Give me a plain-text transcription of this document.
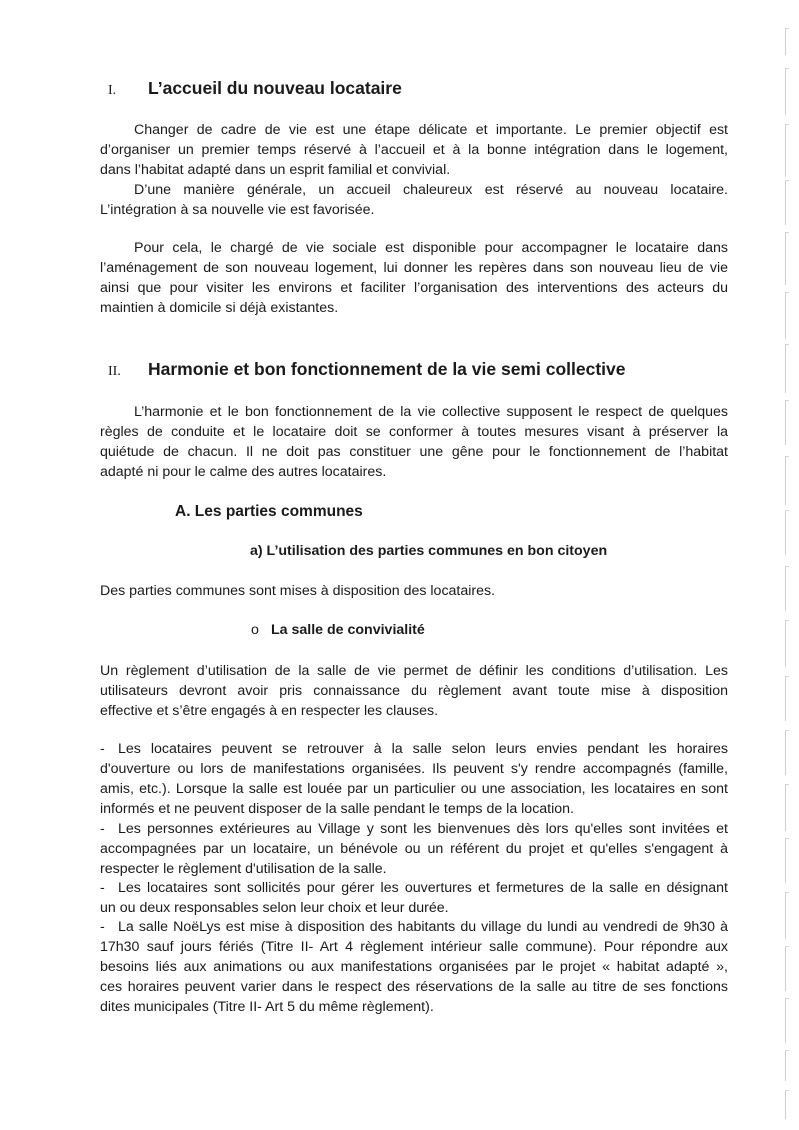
I. L’accueil du nouveau locataire
Changer de cadre de vie est une étape délicate et importante. Le premier objectif est
d’organiser un premier temps réservé à l’accueil et à la bonne intégration dans le logement,
dans l’habitat adapté dans un esprit familial et convivial.
D’une manière générale, un accueil chaleureux est réservé au nouveau locataire.
L’intégration à sa nouvelle vie est favorisée.
Pour cela, le chargé de vie sociale est disponible pour accompagner le locataire dans
l’aménagement de son nouveau logement, lui donner les repères dans son nouveau lieu de vie
ainsi que pour visiter les environs et faciliter l’organisation des interventions des acteurs du
maintien à domicile si déjà existantes.
II. Harmonie et bon fonctionnement de la vie semi collective
L’harmonie et le bon fonctionnement de la vie collective supposent le respect de quelques
règles de conduite et le locataire doit se conformer à toutes mesures visant à préserver la
quiétude de chacun. Il ne doit pas constituer une gêne pour le fonctionnement de l’habitat
adapté ni pour le calme des autres locataires.
A. Les parties communes
a) L’utilisation des parties communes en bon citoyen
Des parties communes sont mises à disposition des locataires.
o La salle de convivialité
Un règlement d’utilisation de la salle de vie permet de définir les conditions d’utilisation. Les
utilisateurs devront avoir pris connaissance du règlement avant toute mise à disposition
effective et s’être engagés à en respecter les clauses.
- Les locataires peuvent se retrouver à la salle selon leurs envies pendant les horaires
d'ouverture ou lors de manifestations organisées. Ils peuvent s'y rendre accompagnés (famille,
amis, etc.). Lorsque la salle est louée par un particulier ou une association, les locataires en sont
informés et ne peuvent disposer de la salle pendant le temps de la location.
- Les personnes extérieures au Village y sont les bienvenues dès lors qu'elles sont invitées et
accompagnées par un locataire, un bénévole ou un référent du projet et qu'elles s'engagent à
respecter le règlement d'utilisation de la salle.
- Les locataires sont sollicités pour gérer les ouvertures et fermetures de la salle en désignant
un ou deux responsables selon leur choix et leur durée.
- La salle NoëLys est mise à disposition des habitants du village du lundi au vendredi de 9h30 à
17h30 sauf jours fériés (Titre II- Art 4 règlement intérieur salle commune). Pour répondre aux
besoins liés aux animations ou aux manifestations organisées par le projet « habitat adapté »,
ces horaires peuvent varier dans le respect des réservations de la salle au titre de ses fonctions
dites municipales (Titre II- Art 5 du même règlement).
